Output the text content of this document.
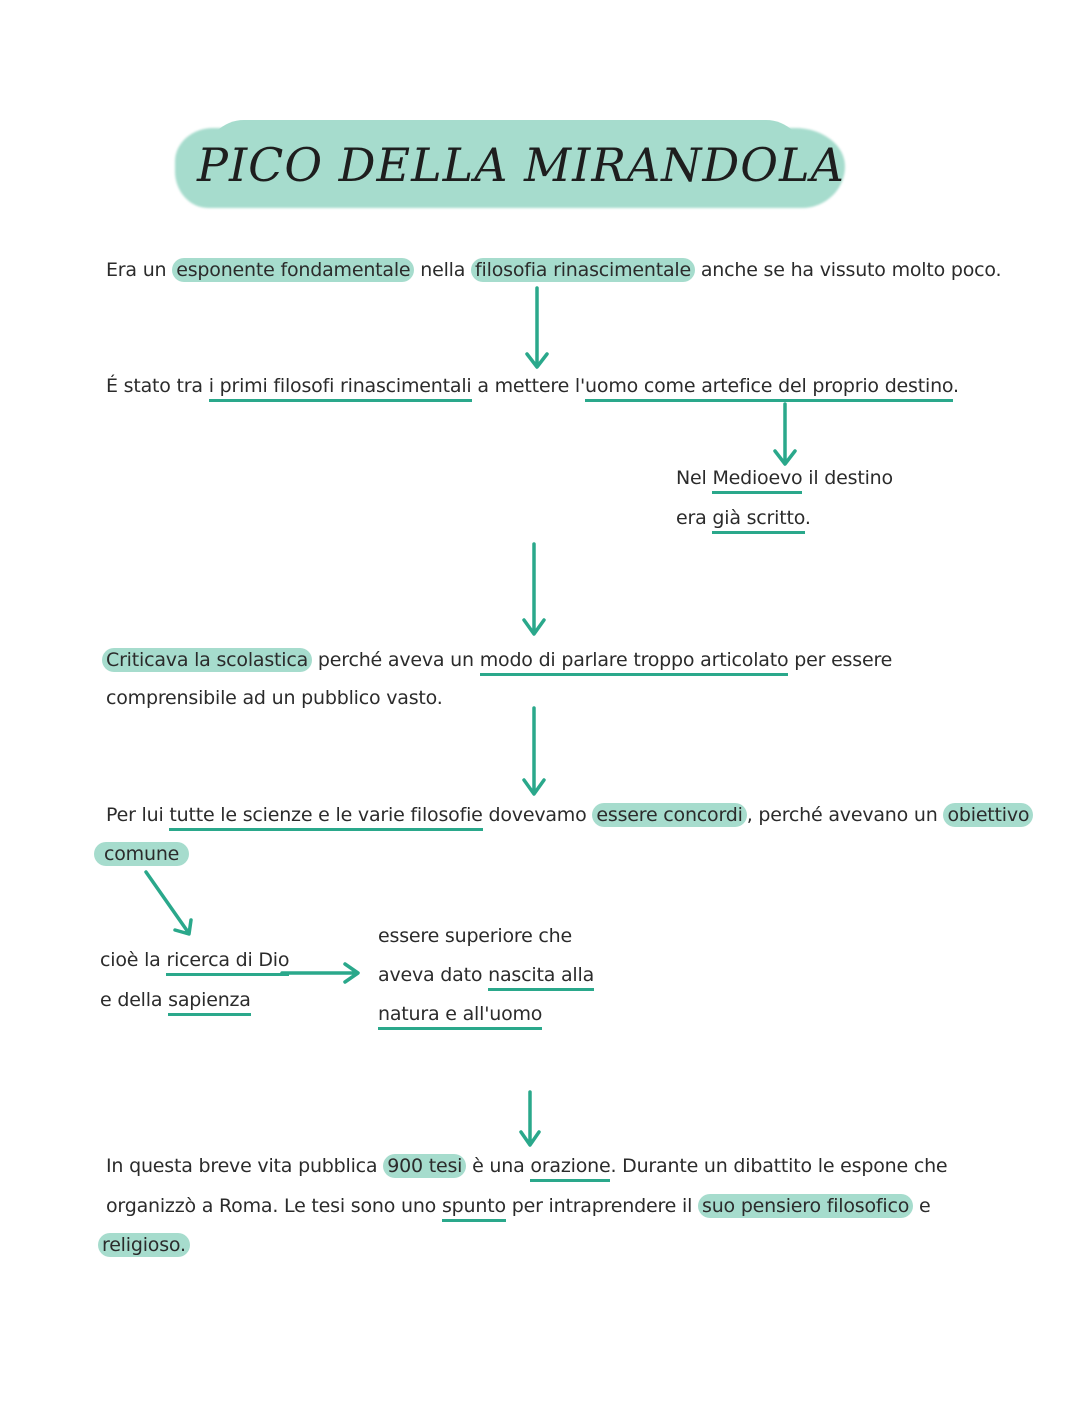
PICO DELLA MIRANDOLA

Era un esponente fondamentale nella filosofia rinascimentale anche se ha vissuto molto poco.

É stato tra i primi filosofi rinascimentali a mettere l'uomo come artefice del proprio destino.

Nel Medioevo il destino

era già scritto.

Criticava la scolastica perché aveva un modo di parlare troppo articolato per essere

comprensibile ad un pubblico vasto.

Per lui tutte le scienze e le varie filosofie dovevamo essere concordi , perché avevano un obiettivo

comune

cioè la ricerca di Dio

e della sapienza

essere superiore che

aveva dato nascita alla

natura e all'uomo

In questa breve vita pubblica 900 tesi è una orazione. Durante un dibattito le espone che

organizzò a Roma. Le tesi sono uno spunto per intraprendere il suo pensiero filosofico e

religioso.
